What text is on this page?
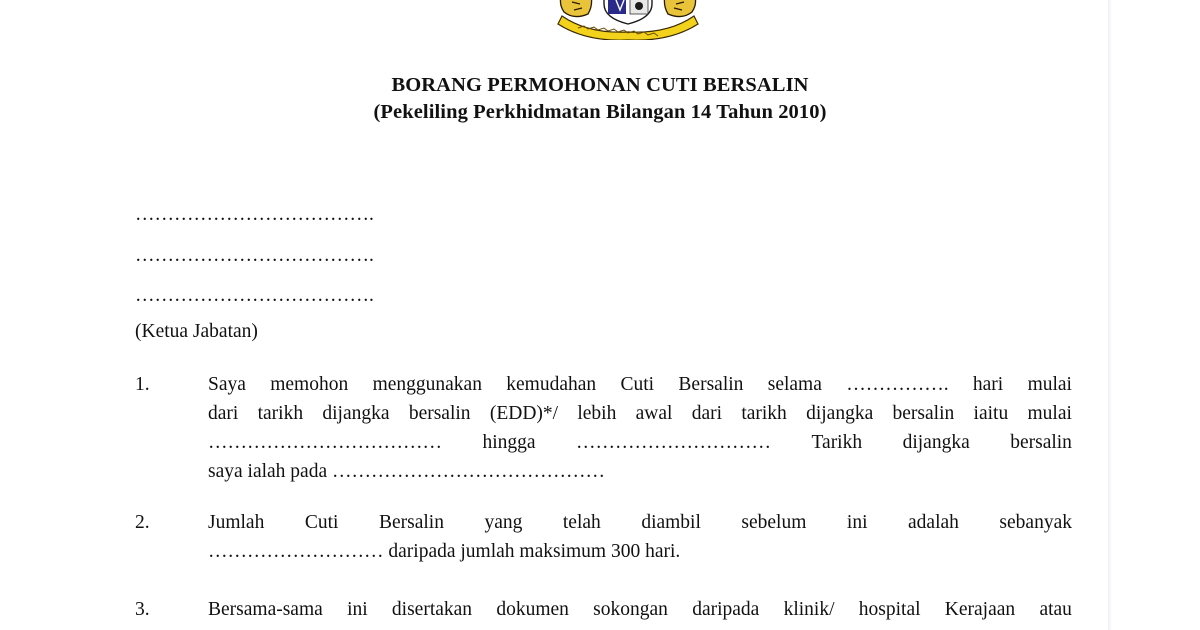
BORANG PERMOHONAN CUTI BERSALIN
(Pekeliling Perkhidmatan Bilangan 14 Tahun 2010)
……………………………….
……………………………….
……………………………….
(Ketua Jabatan)
1.	Saya memohon menggunakan kemudahan Cuti Bersalin selama ……………. hari mulai
dari tarikh dijangka bersalin (EDD)*/ lebih awal dari tarikh dijangka bersalin iaitu mulai
……………………………… hingga ………………………… Tarikh dijangka bersalin
saya ialah pada ……………………………………
2.	Jumlah Cuti Bersalin yang telah diambil sebelum ini adalah sebanyak
……………………… daripada jumlah maksimum 300 hari.
3.	Bersama-sama ini disertakan dokumen sokongan daripada klinik/ hospital Kerajaan atau
